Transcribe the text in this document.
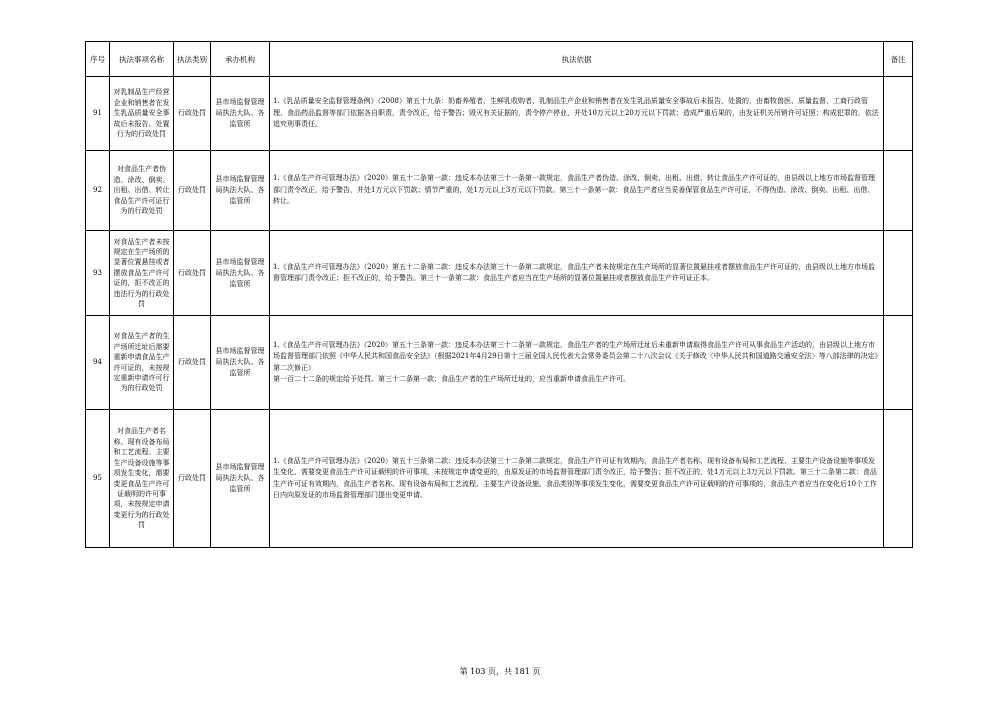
序号	执法事项名称	执法类别	承办机构	执法依据	备注
91	对乳制品生产经营企业和销售者在发生乳品质量安全事故后未报告、处置行为的行政处罚	行政处罚	县市场监督管理局执法大队、各监管所	1.《乳品质量安全监督管理条例》（2008）第五十九条：奶畜养殖者、生鲜乳收购者、乳制品生产企业和销售者在发生乳品质量安全事故后未报告、处置的，由畜牧兽医、质量监督、工商行政管理、食品药品监督等部门依据各自职责，责令改正，给予警告；毁灭有关证据的，责令停产停业，并处10万元以上20万元以下罚款；造成严重后果的，由发证机关吊销许可证照；构成犯罪的，依法追究刑事责任。	

92	对食品生产者伪造、涂改、倒卖、出租、出借、转让食品生产许可证行为的行政处罚	行政处罚	县市场监督管理局执法大队、各监管所	1.《食品生产许可管理办法》（2020）第五十二条第一款：违反本办法第三十一条第一款规定，食品生产者伪造、涂改、倒卖、出租、出借、转让食品生产许可证的，由县级以上地方市场监督管理部门责令改正，给予警告，并处1万元以下罚款；情节严重的，处1万元以上3万元以下罚款。第三十一条第一款：食品生产者应当妥善保管食品生产许可证，不得伪造、涂改、倒卖、出租、出借、转让。	

93	对食品生产者未按规定在生产场所的显著位置悬挂或者摆放食品生产许可证的，拒不改正的违法行为的行政处罚	行政处罚	县市场监督管理局执法大队、各监管所	1.《食品生产许可管理办法》（2020）第五十二条第二款：违反本办法第三十一条第二款规定，食品生产者未按规定在生产场所的显著位置悬挂或者摆放食品生产许可证的，由县级以上地方市场监督管理部门责令改正；拒不改正的，给予警告。第三十一条第二款：食品生产者应当在生产场所的显著位置悬挂或者摆放食品生产许可证正本。	

94	对食品生产者的生产场所迁址后需要重新申请食品生产许可证的，未按规定重新申请许可行为的行政处罚	行政处罚	县市场监督管理局执法大队、各监管所	1.《食品生产许可管理办法》（2020）第五十三条第一款：违反本办法第三十二条第一款规定，食品生产者的生产场所迁址后未重新申请取得食品生产许可从事食品生产活动的，由县级以上地方市场监督管理部门依照《中华人民共和国食品安全法》（根据2021年4月29日第十三届全国人民代表大会常务委员会第二十八次会议《关于修改〈中华人民共和国道路交通安全法〉等八部法律的决定》第二次修正）
第一百二十二条的规定给予处罚。第三十二条第一款：食品生产者的生产场所迁址的，应当重新申请食品生产许可。	

95	对食品生产者名称、现有设备布局和工艺流程、主要生产设备设施等事项发生变化，需要变更食品生产许可证载明的许可事项，未按规定申请变更行为的行政处罚	行政处罚	县市场监督管理局执法大队、各监管所	1.《食品生产许可管理办法》（2020）第五十三条第二款：违反本办法第三十二条第二款规定，食品生产许可证有效期内，食品生产者名称、现有设备布局和工艺流程、主要生产设备设施等事项发生变化，需要变更食品生产许可证载明的许可事项，未按规定申请变更的，由原发证的市场监督管理部门责令改正，给予警告；拒不改正的，处1万元以上3万元以下罚款。第三十二条第二款：食品生产许可证有效期内，食品生产者名称、现有设备布局和工艺流程、主要生产设备设施、食品类别等事项发生变化，需要变更食品生产许可证载明的许可事项的，食品生产者应当在变化后10个工作日内向原发证的市场监督管理部门提出变更申请。	

第 103 页，共 181 页
